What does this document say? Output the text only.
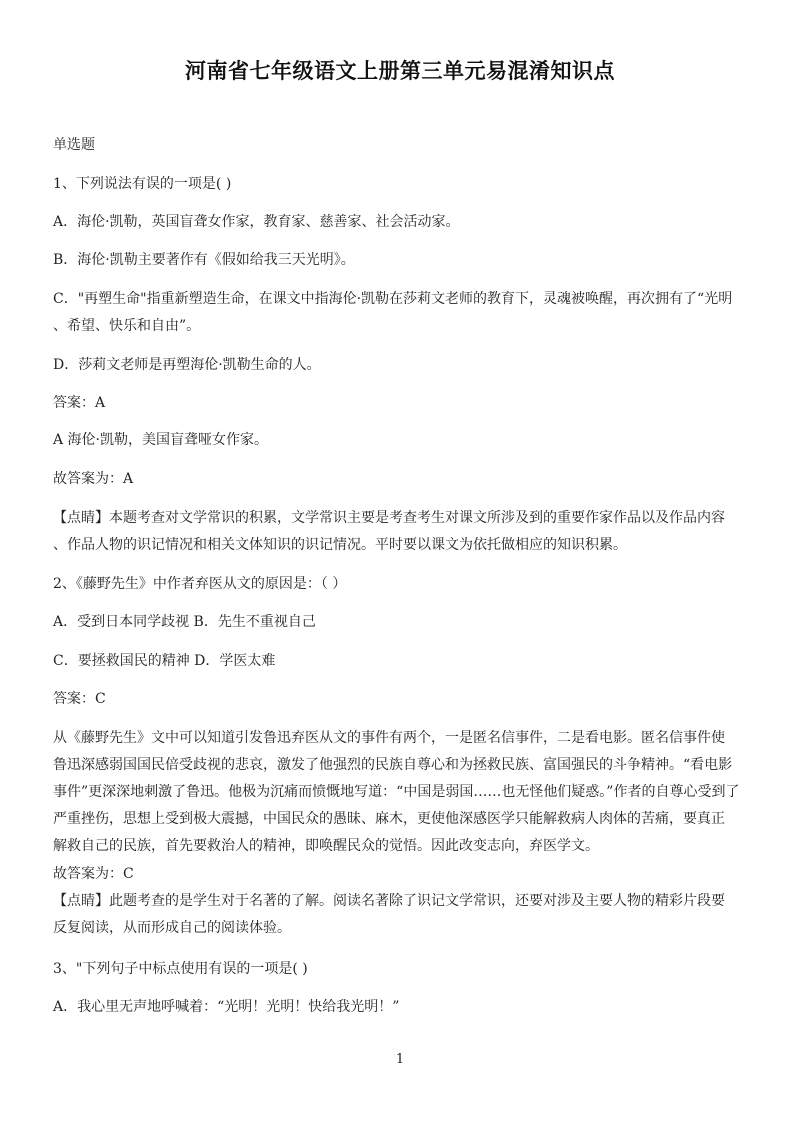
河南省七年级语文上册第三单元易混淆知识点
单选题
1、下列说法有误的一项是( )
A．海伦·凯勒，英国盲聋女作家，教育家、慈善家、社会活动家。
B．海伦·凯勒主要著作有《假如给我三天光明》。
C．"再塑生命"指重新塑造生命，在课文中指海伦·凯勒在莎莉文老师的教育下，灵魂被唤醒，再次拥有了“光明
、希望、快乐和自由”。
D．莎莉文老师是再塑海伦·凯勒生命的人。
答案：A
A 海伦·凯勒，美国盲聋哑女作家。
故答案为：A
【点睛】本题考查对文学常识的积累，文学常识主要是考查考生对课文所涉及到的重要作家作品以及作品内容
、作品人物的识记情况和相关文体知识的识记情况。平时要以课文为依托做相应的知识积累。
2、《藤野先生》中作者弃医从文的原因是：（ ）
A．受到日本同学歧视 B．先生不重视自己
C．要拯救国民的精神 D．学医太难
答案：C
从《藤野先生》文中可以知道引发鲁迅弃医从文的事件有两个，一是匿名信事件，二是看电影。匿名信事件使
鲁迅深感弱国国民倍受歧视的悲哀，激发了他强烈的民族自尊心和为拯救民族、富国强民的斗争精神。“看电影
事件”更深深地刺激了鲁迅。他极为沉痛而愤慨地写道：“中国是弱国……也无怪他们疑惑。”作者的自尊心受到了
严重挫伤，思想上受到极大震撼，中国民众的愚昧、麻木，更使他深感医学只能解救病人肉体的苦痛，要真正
解救自己的民族，首先要救治人的精神，即唤醒民众的觉悟。因此改变志向，弃医学文。
故答案为：C
【点睛】此题考查的是学生对于名著的了解。阅读名著除了识记文学常识，还要对涉及主要人物的精彩片段要
反复阅读，从而形成自己的阅读体验。
3、"下列句子中标点使用有误的一项是( )
A．我心里无声地呼喊着：“光明！光明！快给我光明！”
1
